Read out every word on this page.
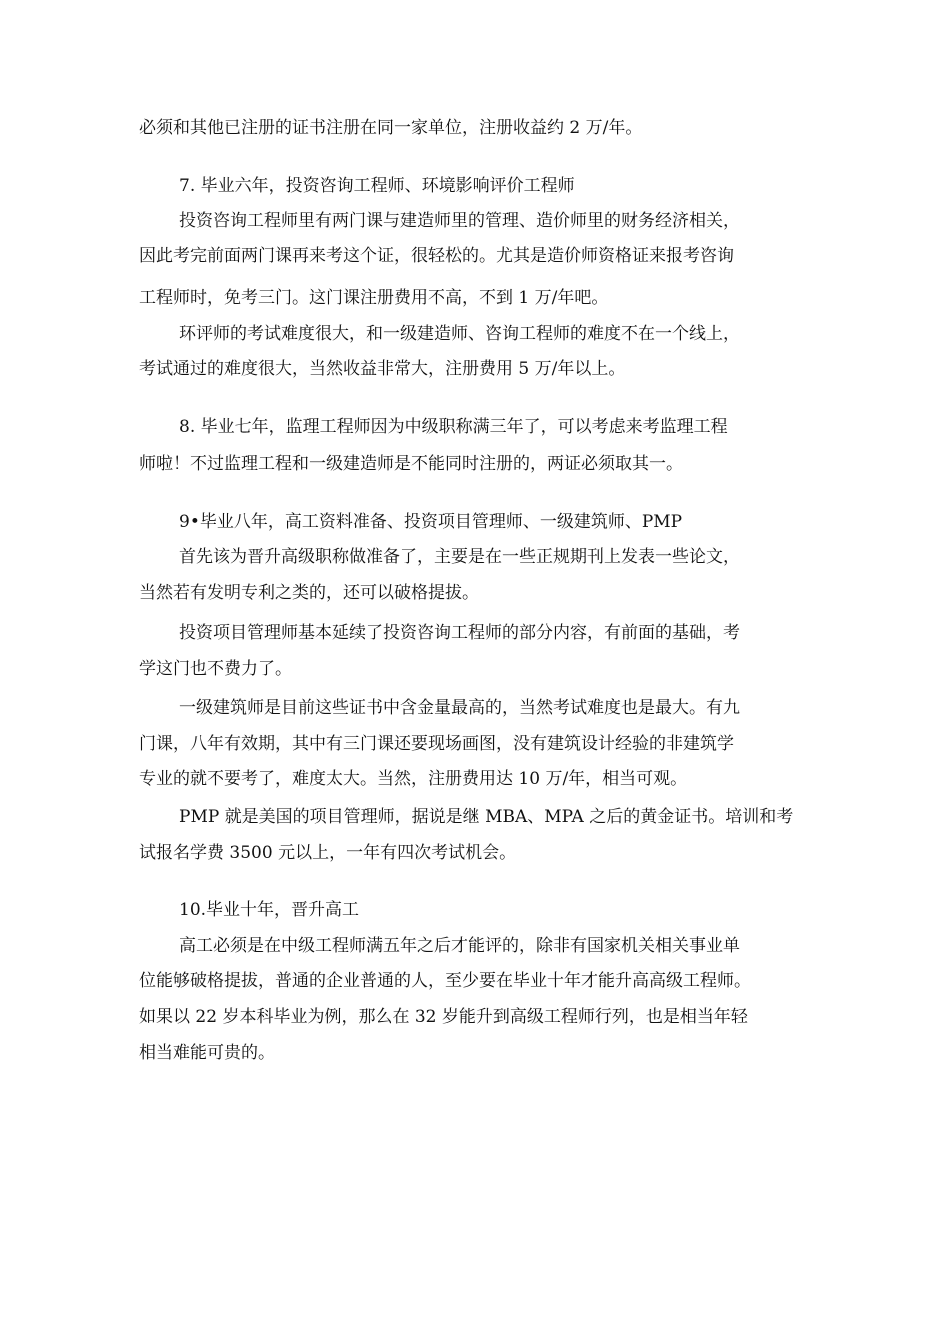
必须和其他已注册的证书注册在同一家单位，注册收益约 2 万/年。
7. 毕业六年，投资咨询工程师、环境影响评价工程师
投资咨询工程师里有两门课与建造师里的管理、造价师里的财务经济相关，
因此考完前面两门课再来考这个证，很轻松的。尤其是造价师资格证来报考咨询
工程师时，免考三门。这门课注册费用不高，不到 1 万/年吧。
环评师的考试难度很大，和一级建造师、咨询工程师的难度不在一个线上，
考试通过的难度很大，当然收益非常大，注册费用 5 万/年以上。
8. 毕业七年，监理工程师因为中级职称满三年了，可以考虑来考监理工程
师啦！不过监理工程和一级建造师是不能同时注册的，两证必须取其一。
9•毕业八年，高工资料准备、投资项目管理师、一级建筑师、PMP
首先该为晋升高级职称做准备了，主要是在一些正规期刊上发表一些论文，
当然若有发明专利之类的，还可以破格提拔。
投资项目管理师基本延续了投资咨询工程师的部分内容，有前面的基础，考
学这门也不费力了。
一级建筑师是目前这些证书中含金量最高的，当然考试难度也是最大。有九
门课，八年有效期，其中有三门课还要现场画图，没有建筑设计经验的非建筑学
专业的就不要考了，难度太大。当然，注册费用达 10 万/年，相当可观。
PMP 就是美国的项目管理师，据说是继 MBA、MPA 之后的黄金证书。培训和考
试报名学费 3500 元以上，一年有四次考试机会。
10.毕业十年，晋升高工
高工必须是在中级工程师满五年之后才能评的，除非有国家机关相关事业单
位能够破格提拔，普通的企业普通的人，至少要在毕业十年才能升高高级工程师。
如果以 22 岁本科毕业为例，那么在 32 岁能升到高级工程师行列，也是相当年轻
相当难能可贵的。
